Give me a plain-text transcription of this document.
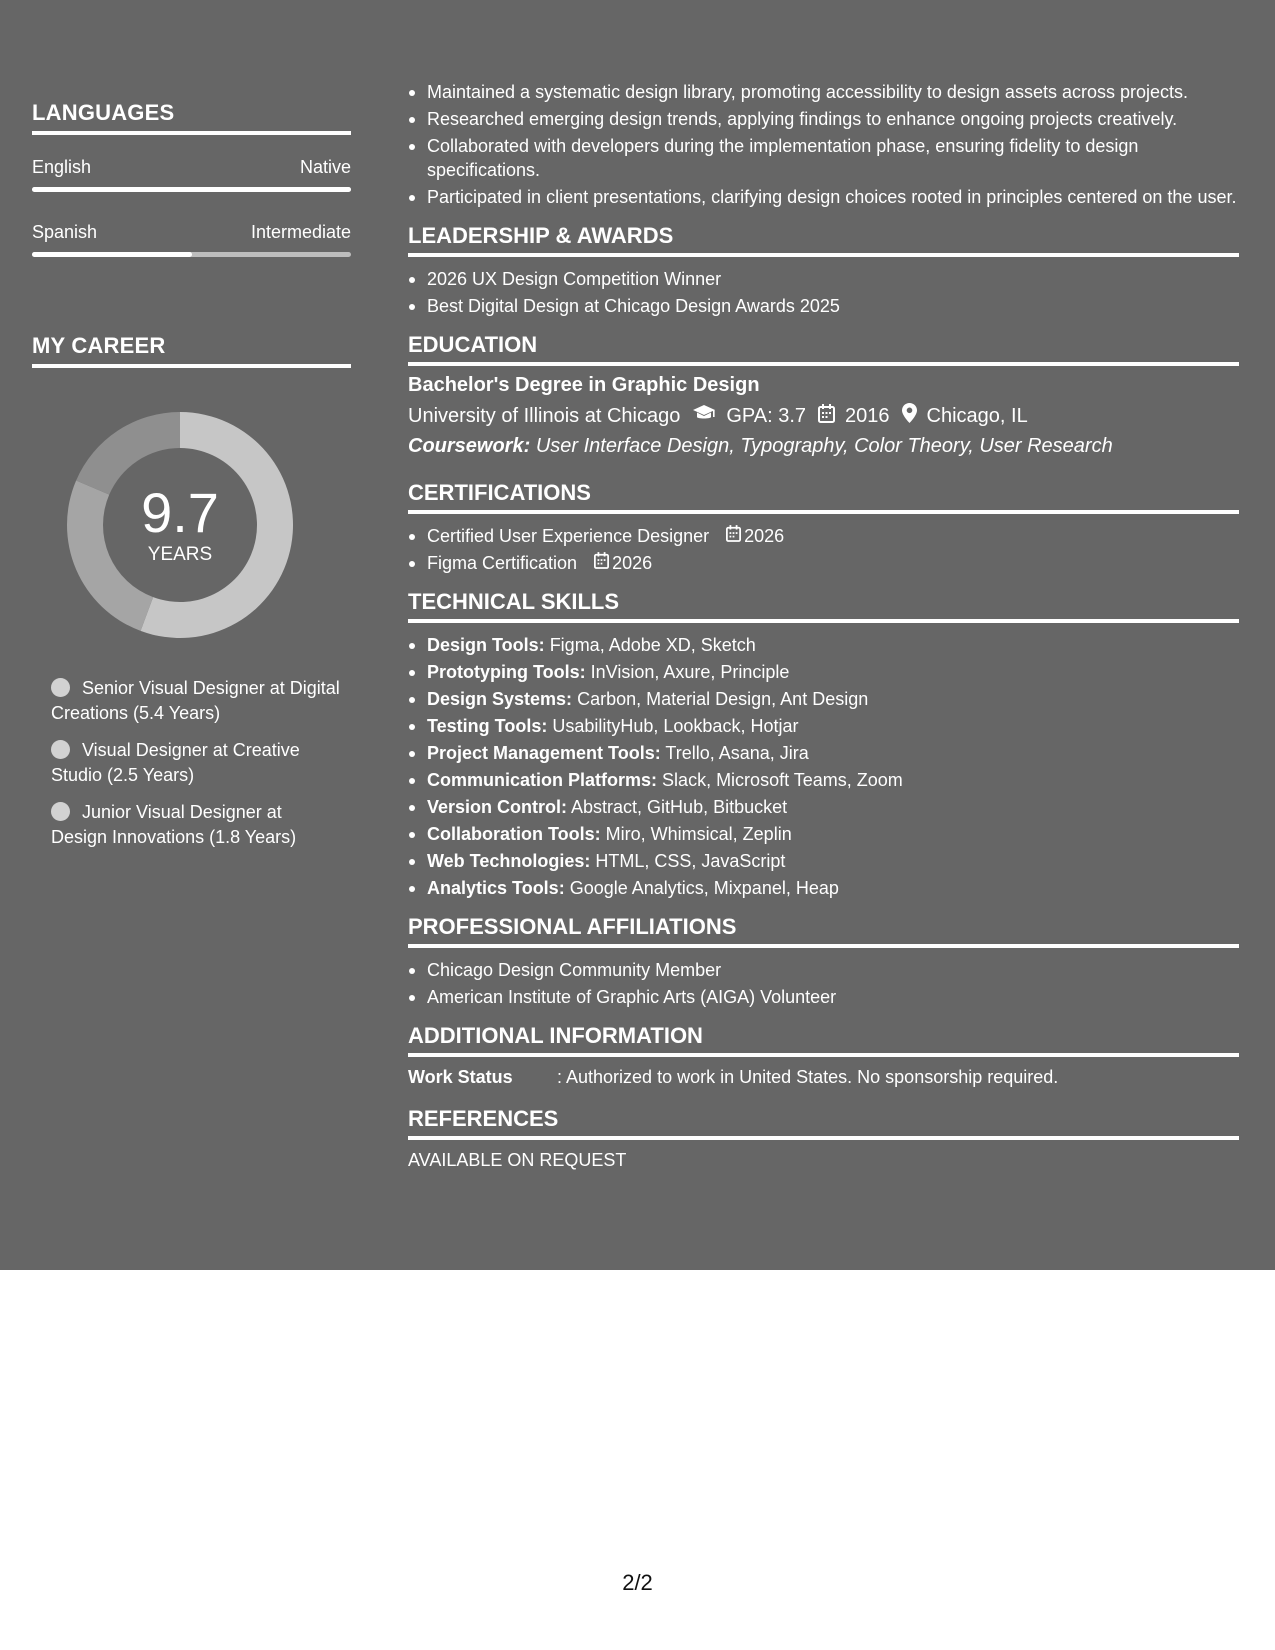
LANGUAGES
English	Native
Spanish	Intermediate
MY CAREER
9.7
YEARS
Senior Visual Designer at Digital Creations (5.4 Years)
Visual Designer at Creative Studio (2.5 Years)
Junior Visual Designer at Design Innovations (1.8 Years)
Maintained a systematic design library, promoting accessibility to design assets across projects.
Researched emerging design trends, applying findings to enhance ongoing projects creatively.
Collaborated with developers during the implementation phase, ensuring fidelity to design specifications.
Participated in client presentations, clarifying design choices rooted in principles centered on the user.
LEADERSHIP & AWARDS
2026 UX Design Competition Winner
Best Digital Design at Chicago Design Awards 2025
EDUCATION
Bachelor's Degree in Graphic Design
University of Illinois at Chicago GPA: 3.7 2016 Chicago, IL
Coursework: User Interface Design, Typography, Color Theory, User Research
CERTIFICATIONS
Certified User Experience Designer 2026
Figma Certification 2026
TECHNICAL SKILLS
Design Tools: Figma, Adobe XD, Sketch
Prototyping Tools: InVision, Axure, Principle
Design Systems: Carbon, Material Design, Ant Design
Testing Tools: UsabilityHub, Lookback, Hotjar
Project Management Tools: Trello, Asana, Jira
Communication Platforms: Slack, Microsoft Teams, Zoom
Version Control: Abstract, GitHub, Bitbucket
Collaboration Tools: Miro, Whimsical, Zeplin
Web Technologies: HTML, CSS, JavaScript
Analytics Tools: Google Analytics, Mixpanel, Heap
PROFESSIONAL AFFILIATIONS
Chicago Design Community Member
American Institute of Graphic Arts (AIGA) Volunteer
ADDITIONAL INFORMATION
Work Status	: Authorized to work in United States. No sponsorship required.
REFERENCES
AVAILABLE ON REQUEST
2/2
